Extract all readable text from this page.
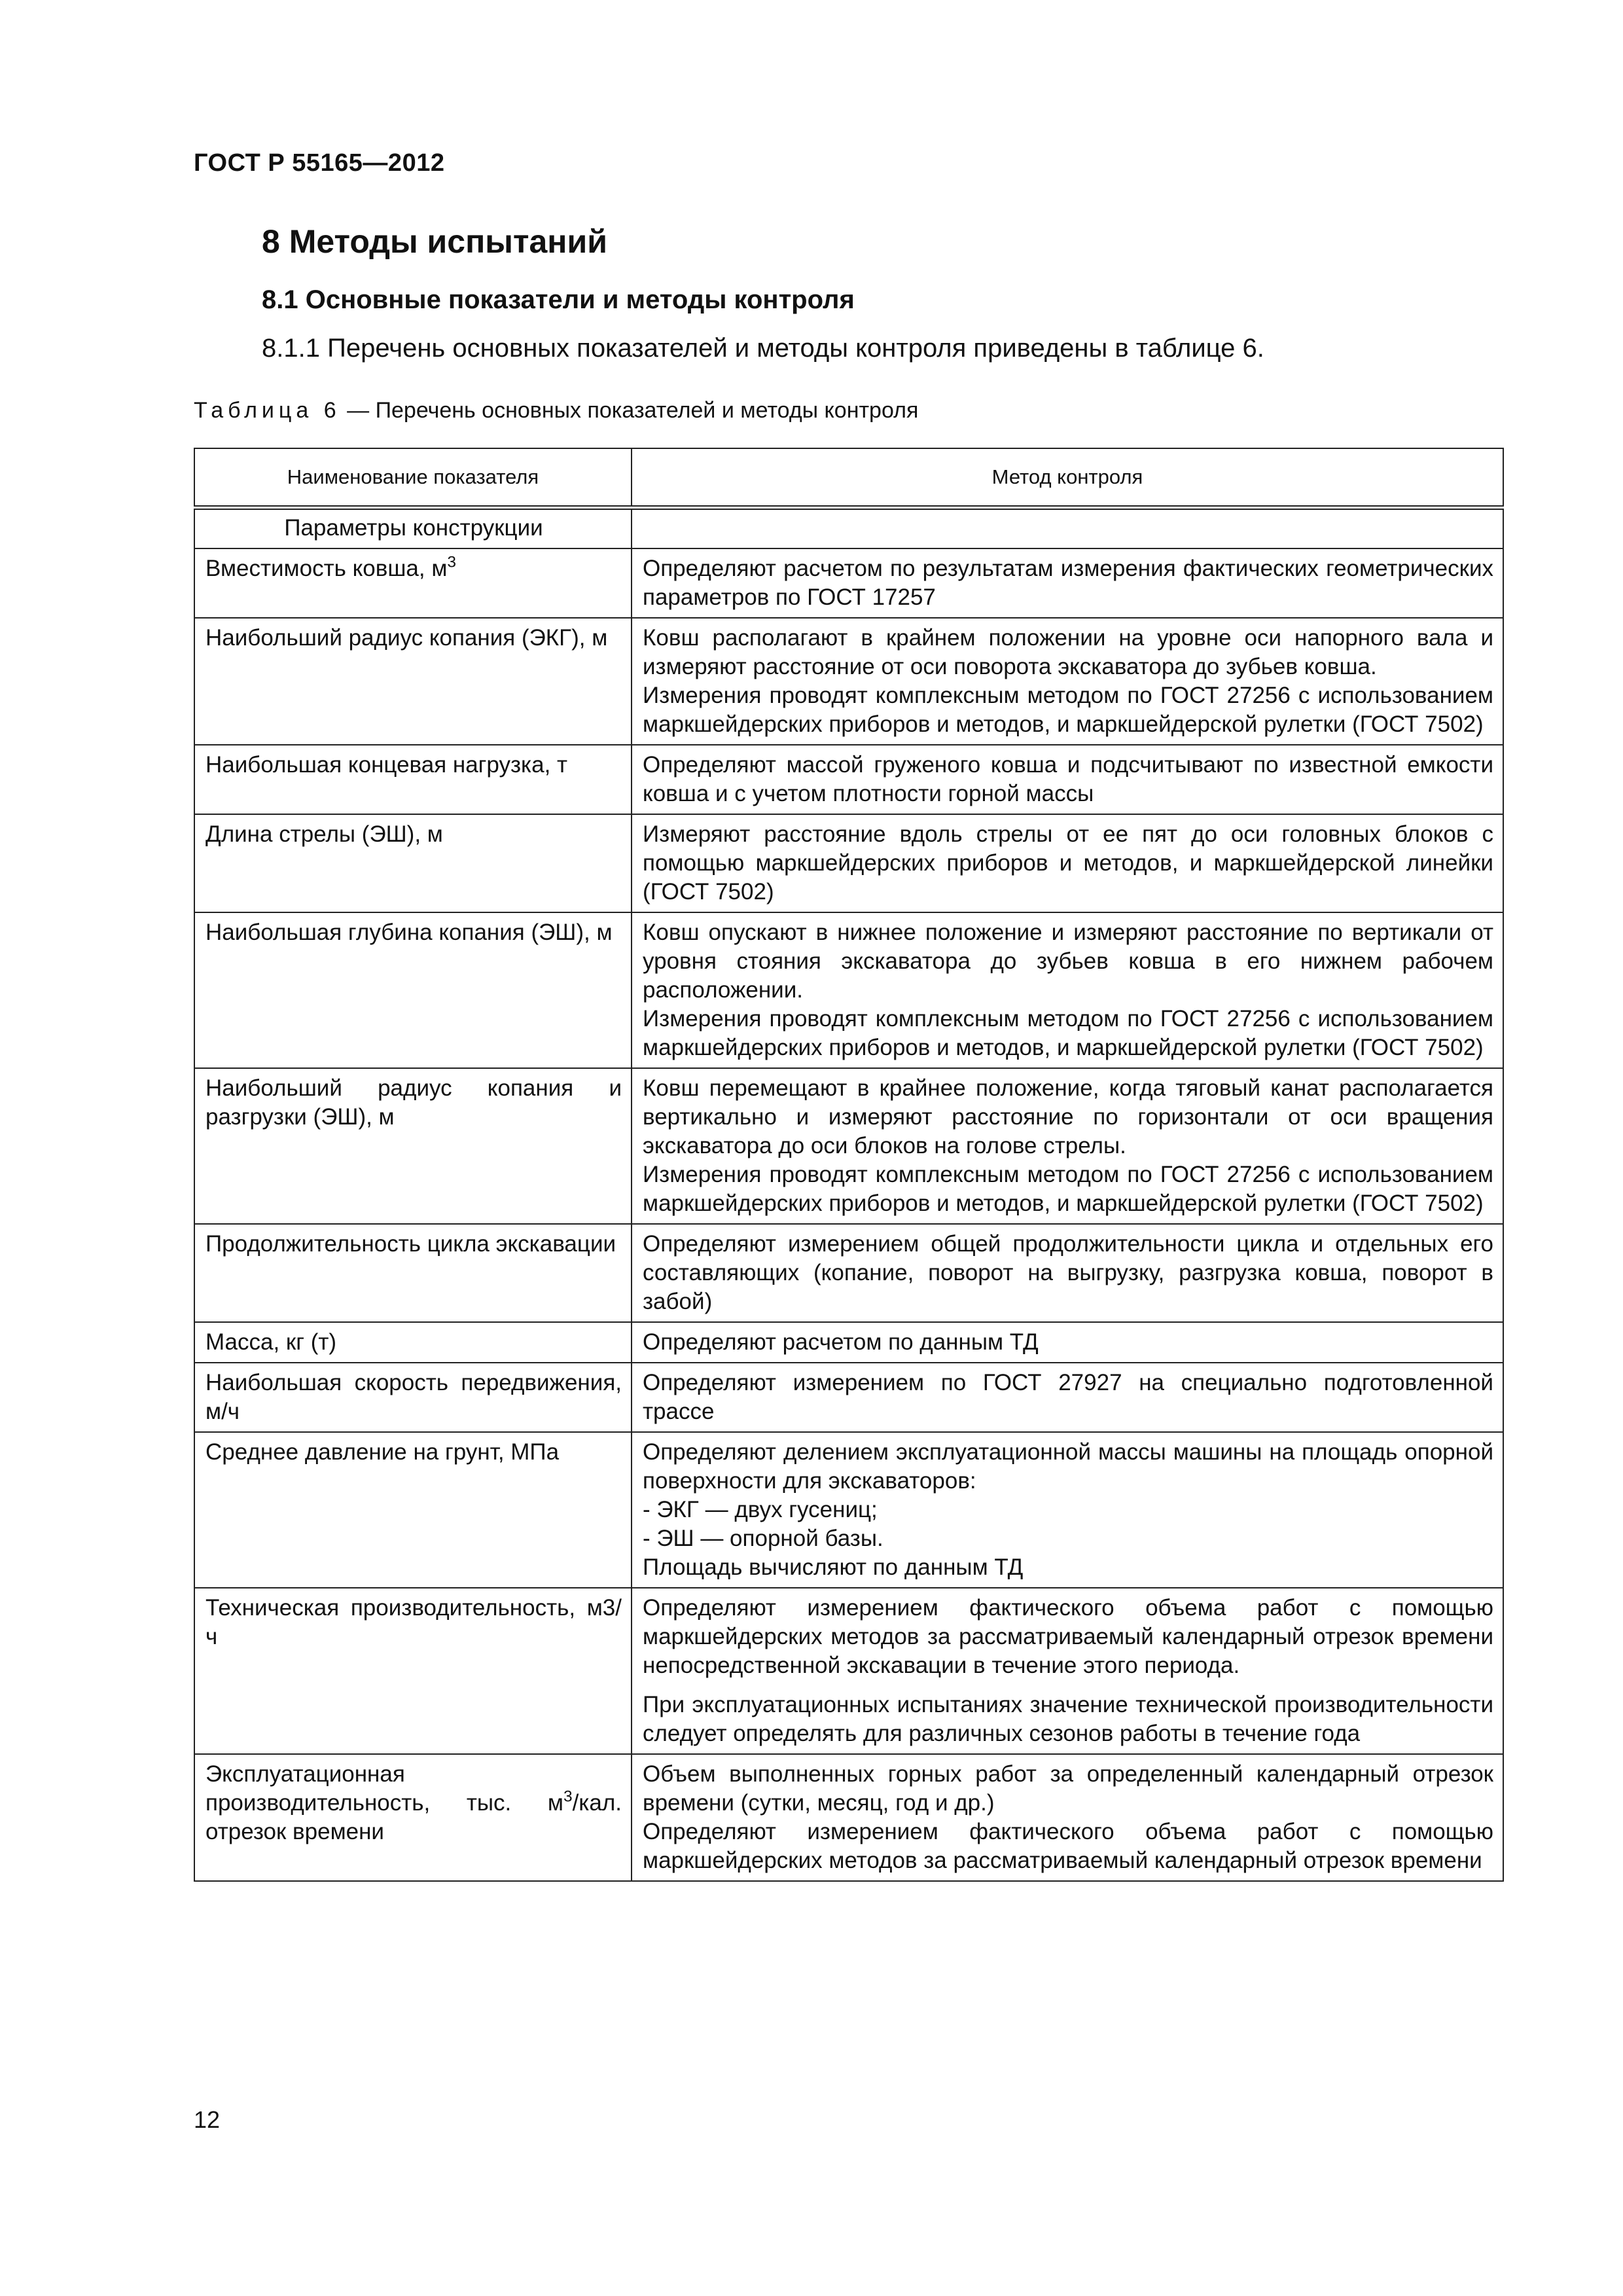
ГОСТ Р 55165—2012
8 Методы испытаний
8.1 Основные показатели и методы контроля
8.1.1 Перечень основных показателей и методы контроля приведены в таблице 6.
Таблица 6 — Перечень основных показателей и методы контроля
Наименование показателя	Метод контроля
Параметры конструкции	
Вместимость ковша, $м^3$	Определяют расчетом по результатам измерения фактических геометрических параметров по ГОСТ 17257

Наибольший радиус копания (ЭКГ), м	Ковш располагают в крайнем положении на уровне оси напорного вала и измеряют расстояние от оси поворота экскаватора до зубьев ковша.
Измерения проводят комплексным методом по ГОСТ 27256 с использованием маркшейдерских приборов и методов, и маркшейдерской рулетки (ГОСТ 7502)

Наибольшая концевая нагрузка, т	Определяют массой груженого ковша и подсчитывают по известной емкости ковша и с учетом плотности горной массы

Длина стрелы (ЭШ), м	Измеряют расстояние вдоль стрелы от ее пят до оси головных блоков с помощью маркшейдерских приборов и методов, и маркшейдерской линейки (ГОСТ 7502)

Наибольшая глубина копания (ЭШ), м	Ковш опускают в нижнее положение и измеряют расстояние по вертикали от уровня стояния экскаватора до зубьев ковша в его нижнем рабочем расположении.
Измерения проводят комплексным методом по ГОСТ 27256 с использованием маркшейдерских приборов и методов, и маркшейдерской рулетки (ГОСТ 7502)

Наибольший радиус копания и разгрузки (ЭШ), м	Ковш перемещают в крайнее положение, когда тяговый канат располагается вертикально и измеряют расстояние по горизонтали от оси вращения экскаватора до оси блоков на голове стрелы.
Измерения проводят комплексным методом по ГОСТ 27256 с использованием маркшейдерских приборов и методов, и маркшейдерской рулетки (ГОСТ 7502)

Продолжительность цикла экскавации	Определяют измерением общей продолжительности цикла и отдельных его составляющих (копание, поворот на выгрузку, разгрузка ковша, поворот в забой)

Масса, кг (т)	Определяют расчетом по данным ТД

Наибольшая скорость передвижения, м/ч	Определяют измерением по ГОСТ 27927 на специально подготовленной трассе

Среднее давление на грунт, МПа	Определяют делением эксплуатационной массы машины на площадь опорной поверхности для экскаваторов:
- ЭКГ — двух гусениц;
- ЭШ — опорной базы.
Площадь вычисляют по данным ТД

Техническая производительность, м3/ч	Определяют измерением фактического объема работ с помощью маркшейдерских методов за рассматриваемый календарный отрезок времени непосредственной экскавации в течение этого периода.
При эксплуатационных испытаниях значение технической производительности следует определять для различных сезонов работы в течение года

Эксплуатационная производительность, тыс. $м^3$/кал. отрезок времени	Объем выполненных горных работ за определенный календарный отрезок времени (сутки, месяц, год и др.)
Определяют измерением фактического объема работ с помощью маркшейдерских методов за рассматриваемый календарный отрезок времени
12
